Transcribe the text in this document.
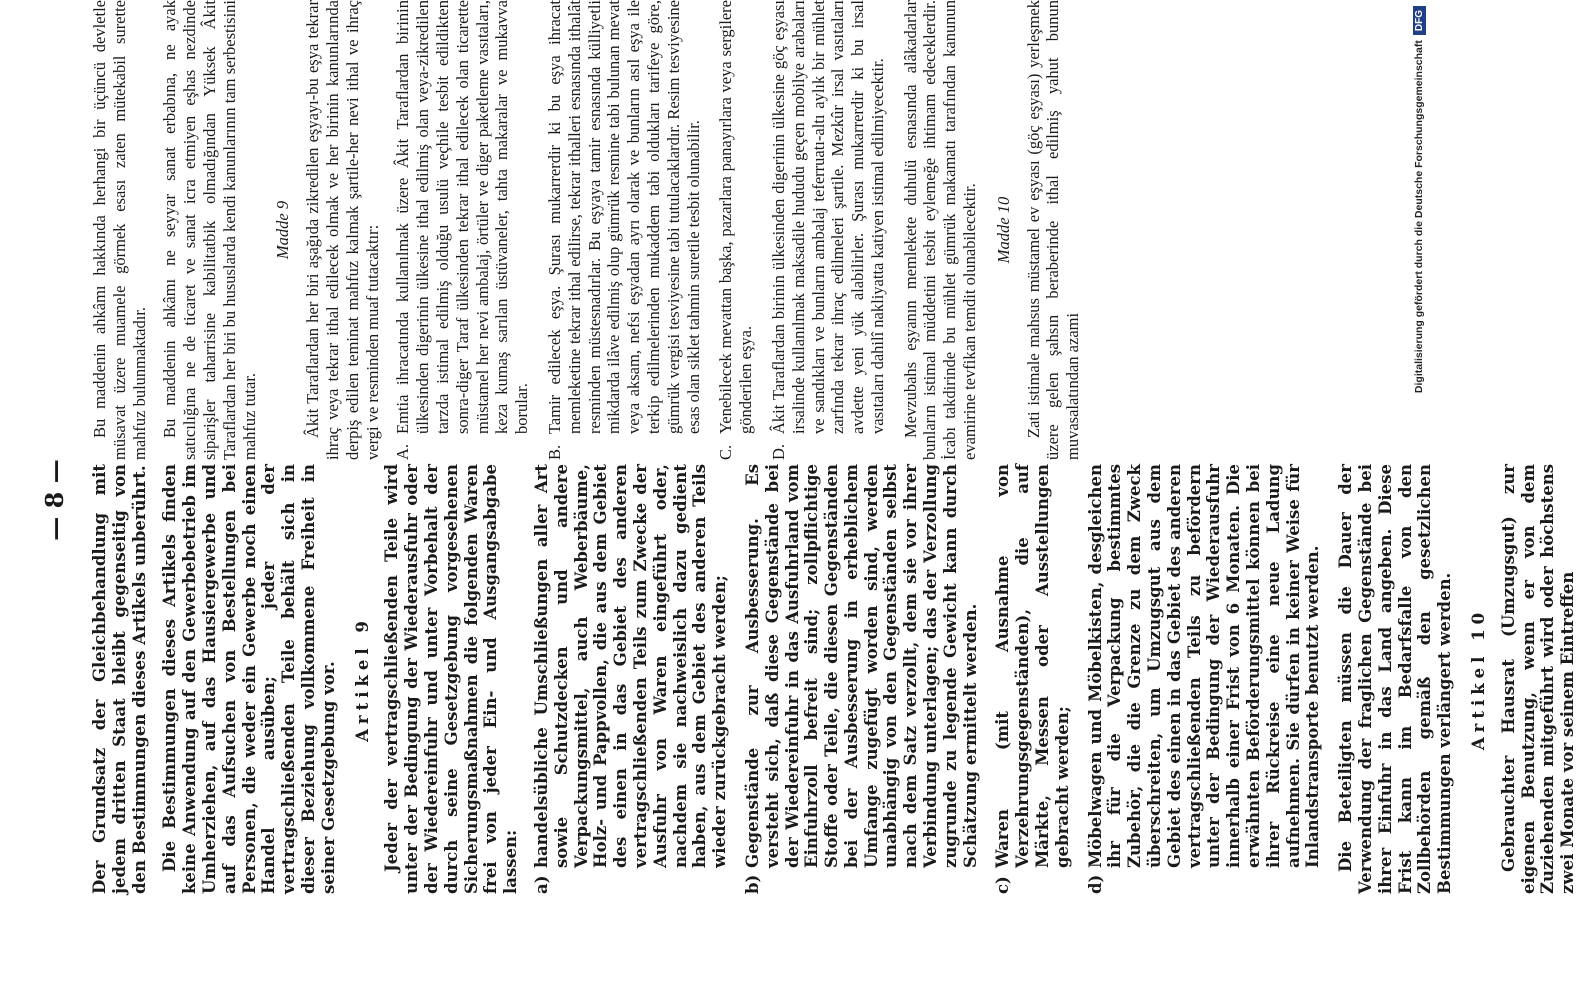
— 8 — Der Grundsatz der Gleichbehandlung mit jedem dritten Staat bleibt gegenseitig von den Bestimmungen dieses Artikels unberührt. Die Bestimmungen dieses Artikels finden keine Anwendung auf den Gewerbebetrieb im Umherziehen, auf das Hausiergewerbe und auf das Aufsuchen von Bestellungen bei Personen, die weder ein Gewerbe noch einen Handel ausüben; jeder der vertragschließenden Teile behält sich in dieser Beziehung vollkommene Freiheit in seiner Gesetzgebung vor. Artikel 9 Jeder der vertragschließenden Teile wird unter der Bedingung der Wiederausfuhr oder der Wiedereinfuhr und unter Vorbehalt der durch seine Gesetzgebung vorgesehenen Sicherungsmaßnahmen die folgenden Waren frei von jeder Ein- und Ausgangsabgabe lassen: a)
handelsübliche Umschließungen aller Art sowie Schutzdecken und andere Verpackungsmittel, auch Weberbäume, Holz- und Pappvollen, die aus dem Gebiet des einen in das Gebiet des anderen vertragschließenden Teils zum Zwecke der Ausfuhr von Waren eingeführt oder, nachdem sie nachweislich dazu gedient haben, aus dem Gebiet des anderen Teils wieder zurückgebracht werden;
b)
Gegenstände zur Ausbesserung. Es versteht sich, daß diese Gegenstände bei der Wiedereinfuhr in das Ausfuhrland vom Einfuhrzoll befreit sind; zollpflichtige Stoffe oder Teile, die diesen Gegenständen bei der Ausbesserung in erheblichem Umfange zugefügt worden sind, werden unabhängig von den Gegenständen selbst nach dem Satz verzollt, dem sie vor ihrer Verbindung unterlagen; das der Verzollung zugrunde zu legende Gewicht kann durch Schätzung ermittelt werden.
c)
Waren (mit Ausnahme von Verzehrungsgegenständen), die auf Märkte, Messen oder Ausstellungen gebracht werden;
d)
Möbelwagen und Möbelkisten, desgleichen ihr für die Verpackung bestimmtes Zubehör, die die Grenze zu dem Zweck überschreiten, um Umzugsgut aus dem Gebiet des einen in das Gebiet des anderen vertragschließenden Teils zu befördern unter der Bedingung der Wiederausfuhr innerhalb einer Frist von 6 Monaten. Die erwähnten Beförderungsmittel können bei ihrer Rückreise eine neue Ladung aufnehmen. Sie dürfen in keiner Weise für Inlandstransporte benutzt werden. Die Beteiligten müssen die Dauer der Verwendung der fraglichen Gegenstände bei ihrer Einfuhr in das Land angeben. Diese Frist kann im Bedarfsfalle von den Zollbehörden gemäß den gesetzlichen Bestimmungen verlängert werden. Artikel 10 Gebrauchter Hausrat (Umzugsgut) zur eigenen Benutzung, wenn er von dem Zuziehenden mitgeführt wird oder höchstens zwei Monate vor seinem Eintreffen

Bu maddenin ahkâmı hakkında herhangi bir üçüncü devletle müsavat üzere muamele görmek esası zaten mütekabil surette mahfuz bulunmaktadır. Bu maddenin ahkâmı ne seyyar sanat erbabına, ne ayak satıcılığına ne de ticaret ve sanat icra etmiyen eşhas nezdinde siparişler taharrisine kabilitatbik olmadığından Yüksek Âkit Taraflardan her biri bu hususlarda kendi kanunlarının tam serbestisini mahfuz tutar.

Madde 9 Âkit Taraflardan her biri aşağıda zikredilen eşyayı-bu eşya tekrar ihraç veya tekrar ithal edilecek olmak ve her birinin kanunlarında derpiş edilen teminat mahfuz kalmak şartile-her nevi ithal ve ihraç vergi ve resminden muaf tutacaktır: A.
Emtia ihracatında kullanılmak üzere Âkit Taraflardan birinin ülkesinden digerinin ülkesine ithal edilmiş olan veya-zikredilen tarzda istimal edilmiş olduğu usulü veçhile tesbit edildikten sonra-diger Taraf ülkesinden tekrar ithal edilecek olan ticarette müstamel her nevi ambalaj, örtüler ve diger paketleme vasıtaları, keza kumaş sarılan üstüvaneler, tahta makaralar ve mukavva borular.
B.
Tamir edilecek eşya. Şurası mukarrerdir ki bu eşya ihracat memleketine tekrar ithal edilirse, tekrar ithalleri esnasında ithalât resminden müstesnadırlar. Bu eşyaya tamir esnasında külliyetli mikdarda ilâve edilmiş olup gümrük resmine tabi bulunan mevat veya aksam, nefsi eşyadan ayrı olarak ve bunların asıl eşya ile terkip edilmelerinden mukaddem tabi oldukları tarifeye göre, gümrük vergisi tesviyesine tabi tutulacaklardır. Resim tesviyesine esas olan siklet tahmin suretile tesbit olunabilir.
C.
Yenebilecek mevattan başka, pazarlara panayırlara veya sergilere gönderilen eşya.
D.
Âkit Taraflardan birinin ülkesinden digerinin ülkesine göç eşyası irsalinde kullanılmak maksadile hududu geçen mobilye arabaları ve sandıkları ve bunların ambalaj teferruatı-altı aylık bir mühlet zarfında tekrar ihraç edilmeleri şartile. Mezkûr irsal vasıtaları avdette yeni yük alabilirler. Şurası mukarrerdir ki bu irsal vasıtaları dahilî nakliyatta katiyen istimal edilmiyecektir. Mevzubahs eşyanın memlekete duhulü esnasında alâkadarlar bunların istimal müddetini tesbit eylemeğe ihtimam edeceklerdir. İcabı takdirinde bu mühlet gümrük makamatı tarafından kanunun evamirine tevfikan temdit olunabilecektir. Madde 10 Zati istimale mahsus müstamel ev eşyası (göç eşyası) yerleşmek üzere gelen şahsın beraberinde ithal edilmiş yahut bunun muvasalatından azami	Digitalisierung gefördert durch die Deutsche Forschungsgemeinschaft
DFG
